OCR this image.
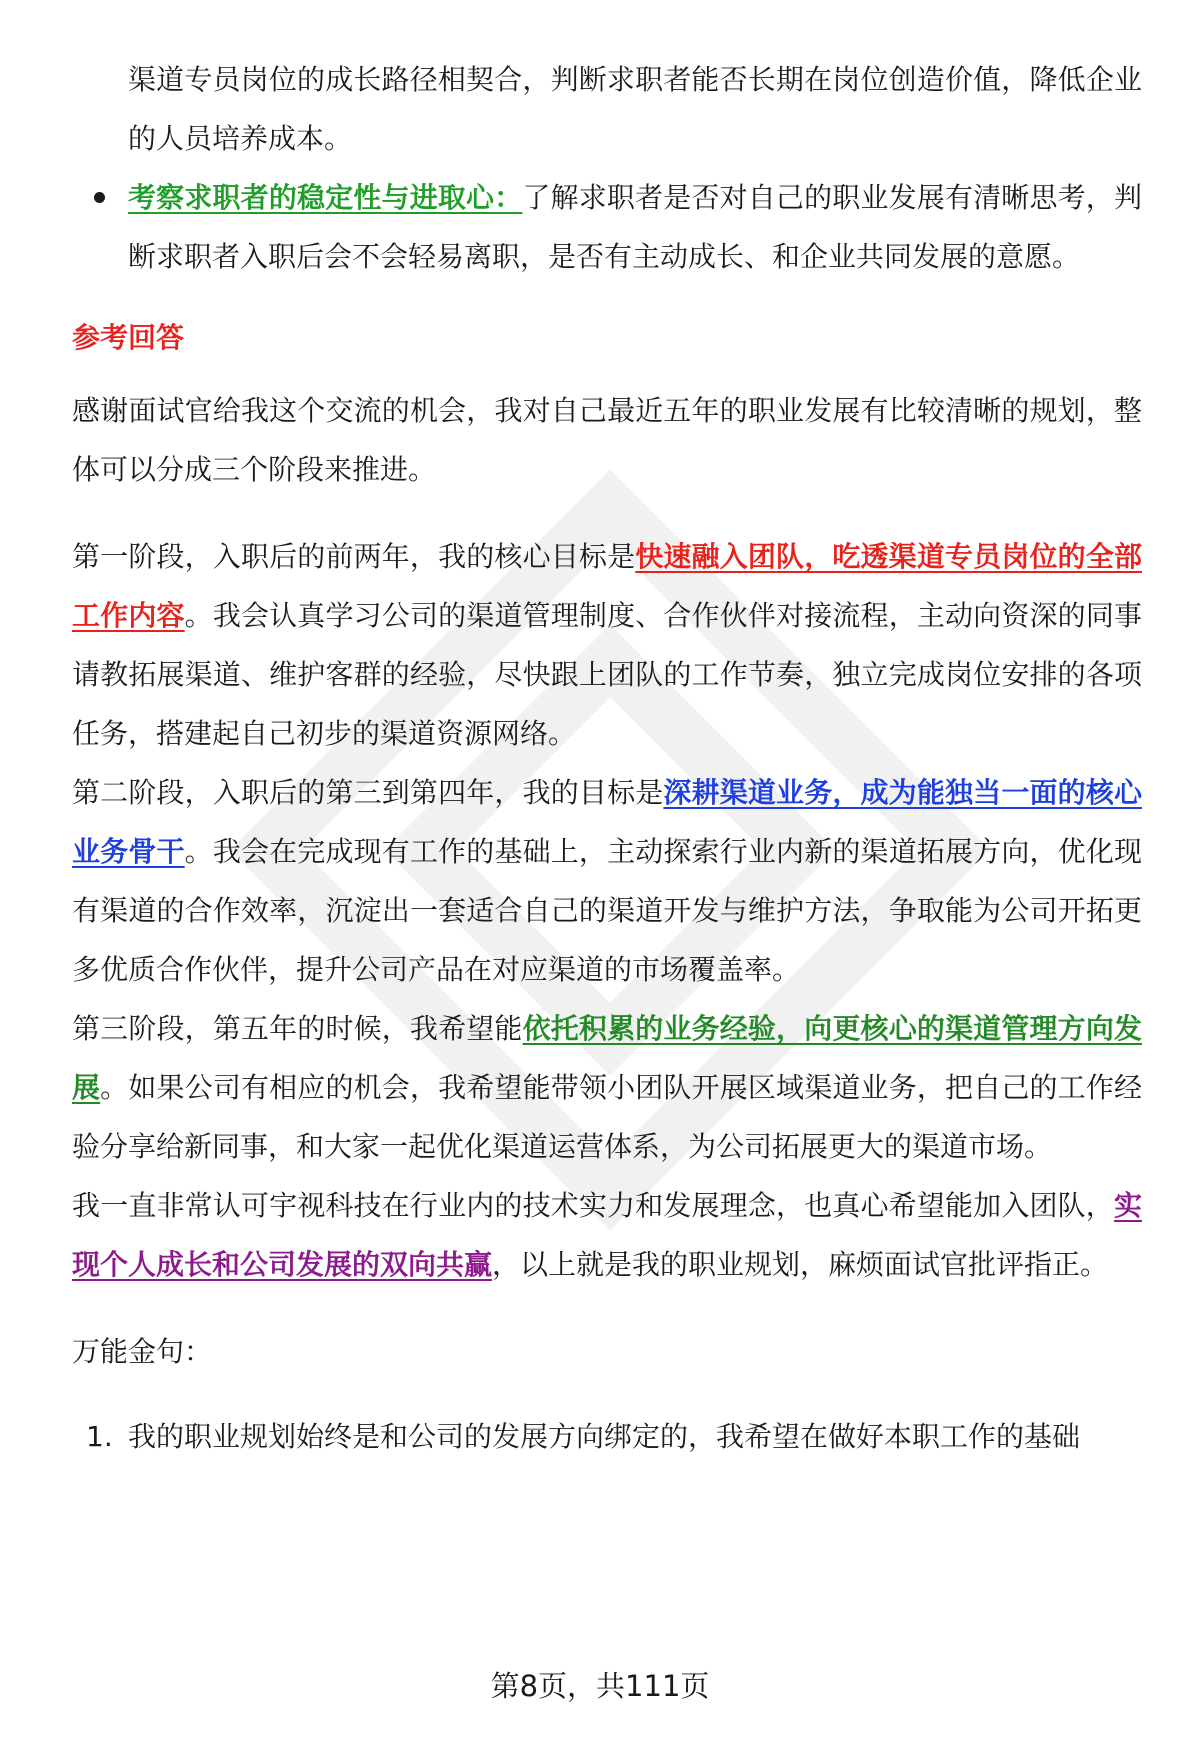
渠道专员岗位的成长路径相契合，判断求职者能否长期在岗位创造价值，降低企业的人员培养成本。

考察求职者的稳定性与进取心：了解求职者是否对自己的职业发展有清晰思考，判断求职者入职后会不会轻易离职，是否有主动成长、和企业共同发展的意愿。

参考回答

感谢面试官给我这个交流的机会，我对自己最近五年的职业发展有比较清晰的规划，整体可以分成三个阶段来推进。

第一阶段，入职后的前两年，我的核心目标是快速融入团队，吃透渠道专员岗位的全部工作内容。我会认真学习公司的渠道管理制度、合作伙伴对接流程，主动向资深的同事请教拓展渠道、维护客群的经验，尽快跟上团队的工作节奏，独立完成岗位安排的各项任务，搭建起自己初步的渠道资源网络。

第二阶段，入职后的第三到第四年，我的目标是深耕渠道业务，成为能独当一面的核心业务骨干。我会在完成现有工作的基础上，主动探索行业内新的渠道拓展方向，优化现有渠道的合作效率，沉淀出一套适合自己的渠道开发与维护方法，争取能为公司开拓更多优质合作伙伴，提升公司产品在对应渠道的市场覆盖率。

第三阶段，第五年的时候，我希望能依托积累的业务经验，向更核心的渠道管理方向发展。如果公司有相应的机会，我希望能带领小团队开展区域渠道业务，把自己的工作经验分享给新同事，和大家一起优化渠道运营体系，为公司拓展更大的渠道市场。

我一直非常认可宇视科技在行业内的技术实力和发展理念，也真心希望能加入团队，实现个人成长和公司发展的双向共赢，以上就是我的职业规划，麻烦面试官批评指正。

万能金句：

1. 我的职业规划始终是和公司的发展方向绑定的，我希望在做好本职工作的基础
第8页，共111页
